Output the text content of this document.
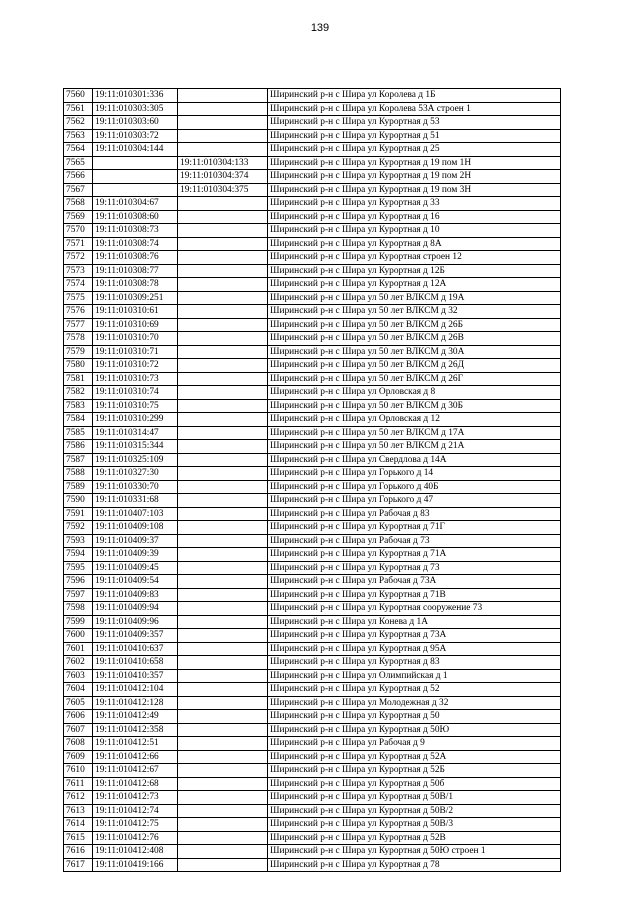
139
7560	19:11:010301:336		Ширинский р-н с Шира ул Королева д 1Б
7561	19:11:010303:305		Ширинский р-н с Шира ул Королева 53А строен 1
7562	19:11:010303:60		Ширинский р-н с Шира ул Курортная д 53
7563	19:11:010303:72		Ширинский р-н с Шира ул Курортная д 51
7564	19:11:010304:144		Ширинский р-н с Шира ул Курортная д 25
7565		19:11:010304:133	Ширинский р-н с Шира ул Курортная д 19 пом 1Н
7566		19:11:010304:374	Ширинский р-н с Шира ул Курортная д 19 пом 2Н
7567		19:11:010304:375	Ширинский р-н с Шира ул Курортная д 19 пом 3Н
7568	19:11:010304:67		Ширинский р-н с Шира ул Курортная д 33
7569	19:11:010308:60		Ширинский р-н с Шира ул Курортная д 16
7570	19:11:010308:73		Ширинский р-н с Шира ул Курортная д 10
7571	19:11:010308:74		Ширинский р-н с Шира ул Курортная д 8А
7572	19:11:010308:76		Ширинский р-н с Шира ул Курортная строен 12
7573	19:11:010308:77		Ширинский р-н с Шира ул Курортная д 12Б
7574	19:11:010308:78		Ширинский р-н с Шира ул Курортная д 12А
7575	19:11:010309:251		Ширинский р-н с Шира ул 50 лет ВЛКСМ д 19А
7576	19:11:010310:61		Ширинский р-н с Шира ул 50 лет ВЛКСМ д 32
7577	19:11:010310:69		Ширинский р-н с Шира ул 50 лет ВЛКСМ д 26Б
7578	19:11:010310:70		Ширинский р-н с Шира ул 50 лет ВЛКСМ д 26В
7579	19:11:010310:71		Ширинский р-н с Шира ул 50 лет ВЛКСМ д 30А
7580	19:11:010310:72		Ширинский р-н с Шира ул 50 лет ВЛКСМ д 26Д
7581	19:11:010310:73		Ширинский р-н с Шира ул 50 лет ВЛКСМ д 26Г
7582	19:11:010310:74		Ширинский р-н с Шира ул Орловская д 8
7583	19:11:010310:75		Ширинский р-н с Шира ул 50 лет ВЛКСМ д 30Б
7584	19:11:010310:299		Ширинский р-н с Шира ул Орловская д 12
7585	19:11:010314:47		Ширинский р-н с Шира ул 50 лет ВЛКСМ д 17А
7586	19:11:010315:344		Ширинский р-н с Шира ул 50 лет ВЛКСМ д 21А
7587	19:11:010325:109		Ширинский р-н с Шира ул Свердлова д 14А
7588	19:11:010327:30		Ширинский р-н с Шира ул Горького д 14
7589	19:11:010330:70		Ширинский р-н с Шира ул Горького д 40Б
7590	19:11:010331:68		Ширинский р-н с Шира ул Горького д 47
7591	19:11:010407:103		Ширинский р-н с Шира ул Рабочая д 83
7592	19:11:010409:108		Ширинский р-н с Шира ул Курортная д 71Г
7593	19:11:010409:37		Ширинский р-н с Шира ул Рабочая д 73
7594	19:11:010409:39		Ширинский р-н с Шира ул Курортная д 71А
7595	19:11:010409:45		Ширинский р-н с Шира ул Курортная д 73
7596	19:11:010409:54		Ширинский р-н с Шира ул Рабочая д 73А
7597	19:11:010409:83		Ширинский р-н с Шира ул Курортная д 71В
7598	19:11:010409:94		Ширинский р-н с Шира ул Курортная сооружение 73
7599	19:11:010409:96		Ширинский р-н с Шира ул Конева д 1А
7600	19:11:010409:357		Ширинский р-н с Шира ул Курортная д 73А
7601	19:11:010410:637		Ширинский р-н с Шира ул Курортная д 95А
7602	19:11:010410:658		Ширинский р-н с Шира ул Курортная д 83
7603	19:11:010410:357		Ширинский р-н с Шира ул Олимпийская д 1
7604	19:11:010412:104		Ширинский р-н с Шира ул Курортная д 52
7605	19:11:010412:128		Ширинский р-н с Шира ул Молодежная д 32
7606	19:11:010412:49		Ширинский р-н с Шира ул Курортная д 50
7607	19:11:010412:358		Ширинский р-н с Шира ул Курортная д 50Ю
7608	19:11:010412:51		Ширинский р-н с Шира ул Рабочая д 9
7609	19:11:010412:66		Ширинский р-н с Шира ул Курортная д 52А
7610	19:11:010412:67		Ширинский р-н с Шира ул Курортная д 52Б
7611	19:11:010412:68		Ширинский р-н с Шира ул Курортная д 50б
7612	19:11:010412:73		Ширинский р-н с Шира ул Курортная д 50В/1
7613	19:11:010412:74		Ширинский р-н с Шира ул Курортная д 50В/2
7614	19:11:010412:75		Ширинский р-н с Шира ул Курортная д 50В/3
7615	19:11:010412:76		Ширинский р-н с Шира ул Курортная д 52В
7616	19:11:010412:408		Ширинский р-н с Шира ул Курортная д 50Ю строен 1
7617	19:11:010419:166		Ширинский р-н с Шира ул Курортная д 78
